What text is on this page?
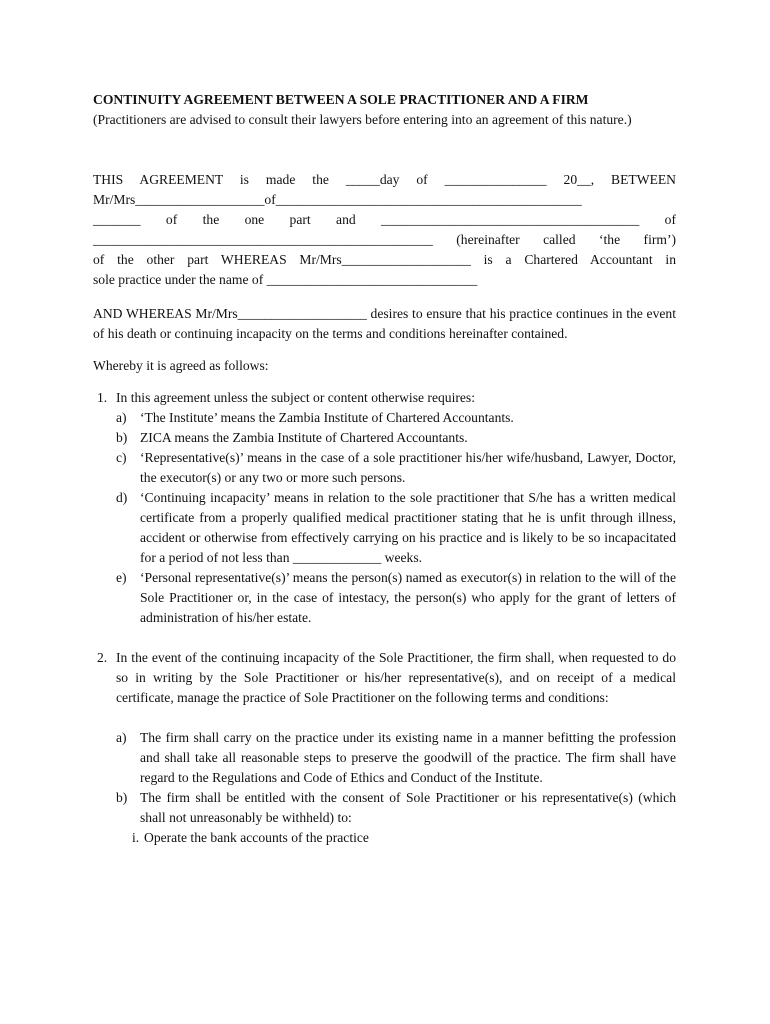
CONTINUITY AGREEMENT BETWEEN A SOLE PRACTITIONER AND A FIRM

(Practitioners are advised to consult their lawyers before entering into an agreement of this nature.)

THIS AGREEMENT is made the _____day of _______________ 20__, BETWEEN

Mr/Mrs___________________of_____________________________________________

_______ of the one part and ______________________________________ of

__________________________________________________ (hereinafter called ‘the firm’)

of the other part WHEREAS Mr/Mrs___________________ is a Chartered Accountant in

sole practice under the name of _______________________________

AND WHEREAS Mr/Mrs___________________ desires to ensure that his practice continues in the event of his death or continuing incapacity on the terms and conditions hereinafter contained.

Whereby it is agreed as follows:

1. In this agreement unless the subject or content otherwise requires:

a) ‘The Institute’ means the Zambia Institute of Chartered Accountants.
b) ZICA means the Zambia Institute of Chartered Accountants.
c) ‘Representative(s)’ means in the case of a sole practitioner his/her wife/husband, Lawyer, Doctor, the executor(s) or any two or more such persons.

d) ‘Continuing incapacity’ means in relation to the sole practitioner that S/he has a written medical certificate from a properly qualified medical practitioner stating that he is unfit through illness, accident or otherwise from effectively carrying on his practice and is likely to be so incapacitated for a period of not less than _____________ weeks.

e) ‘Personal representative(s)’ means the person(s) named as executor(s) in relation to the will of the Sole Practitioner or, in the case of intestacy, the person(s) who apply for the grant of letters of administration of his/her estate.

2. In the event of the continuing incapacity of the Sole Practitioner, the firm shall, when requested to do so in writing by the Sole Practitioner or his/her representative(s), and on receipt of a medical certificate, manage the practice of Sole Practitioner on the following terms and conditions:

a) The firm shall carry on the practice under its existing name in a manner befitting the profession and shall take all reasonable steps to preserve the goodwill of the practice. The firm shall have regard to the Regulations and Code of Ethics and Conduct of the Institute.

b) The firm shall be entitled with the consent of Sole Practitioner or his representative(s) (which shall not unreasonably be withheld) to:

i. Operate the bank accounts of the practice
